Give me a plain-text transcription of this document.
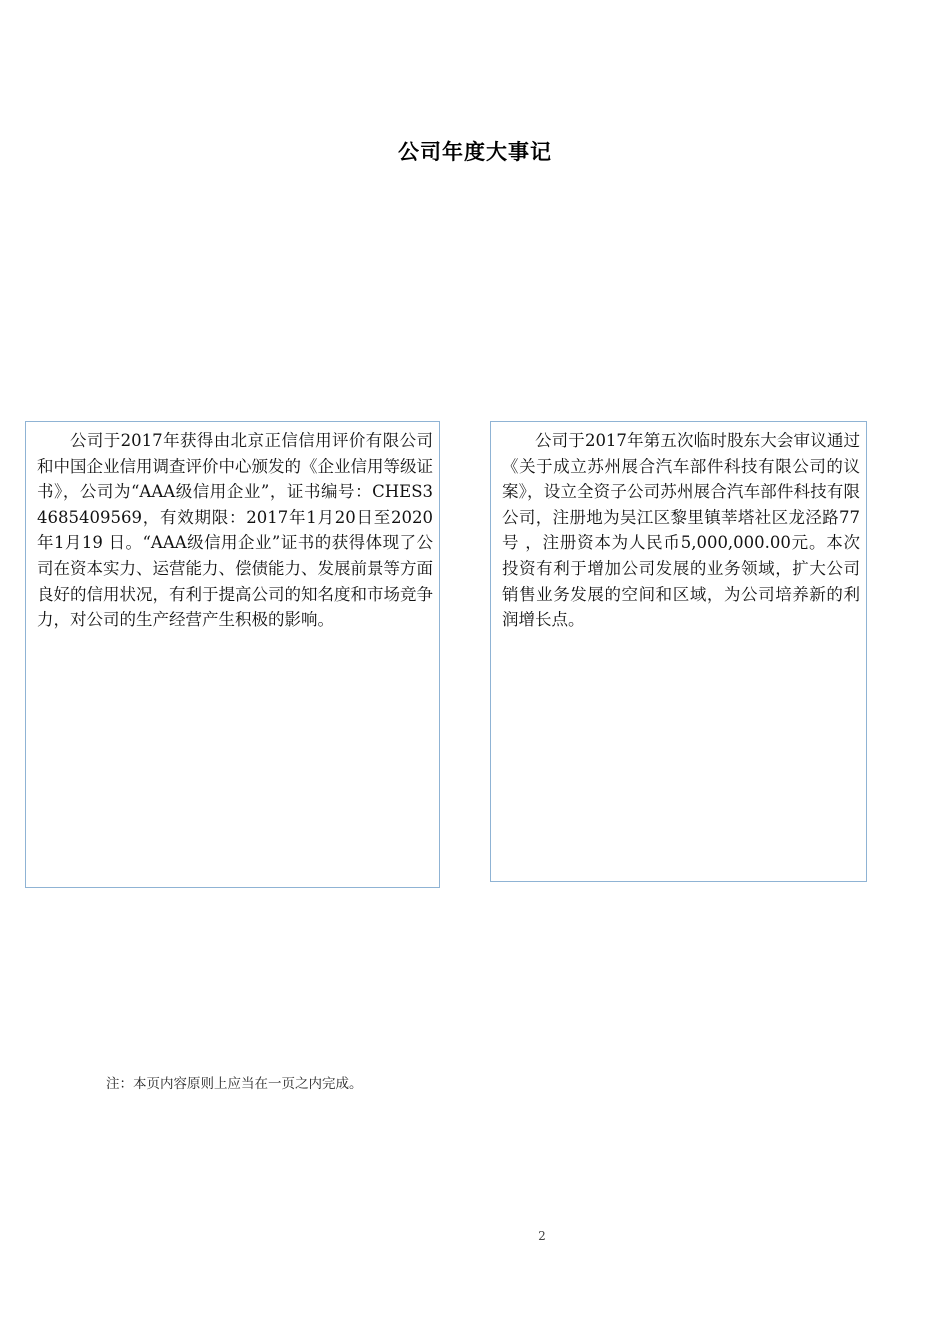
公司年度大事记

公司于2017年获得由北京正信信用评价有限公司和中国企业信用调查评价中心颁发的《企业信用等级证书》，公司为“AAA级信用企业”，证书编号：CHES34685409569，有效期限：2017年1月20日至2020年1月19 日。“AAA级信用企业”证书的获得体现了公司在资本实力、运营能力、偿债能力、发展前景等方面良好的信用状况，有利于提高公司的知名度和市场竞争力，对公司的生产经营产生积极的影响。

公司于2017年第五次临时股东大会审议通过《关于成立苏州展合汽车部件科技有限公司的议案》，设立全资子公司苏州展合汽车部件科技有限公司，注册地为吴江区黎里镇莘塔社区龙泾路77号 ，注册资本为人民币5,000,000.00元。本次投资有利于增加公司发展的业务领域，扩大公司销售业务发展的空间和区域，为公司培养新的利润增长点。

注：本页内容原则上应当在一页之内完成。
2
